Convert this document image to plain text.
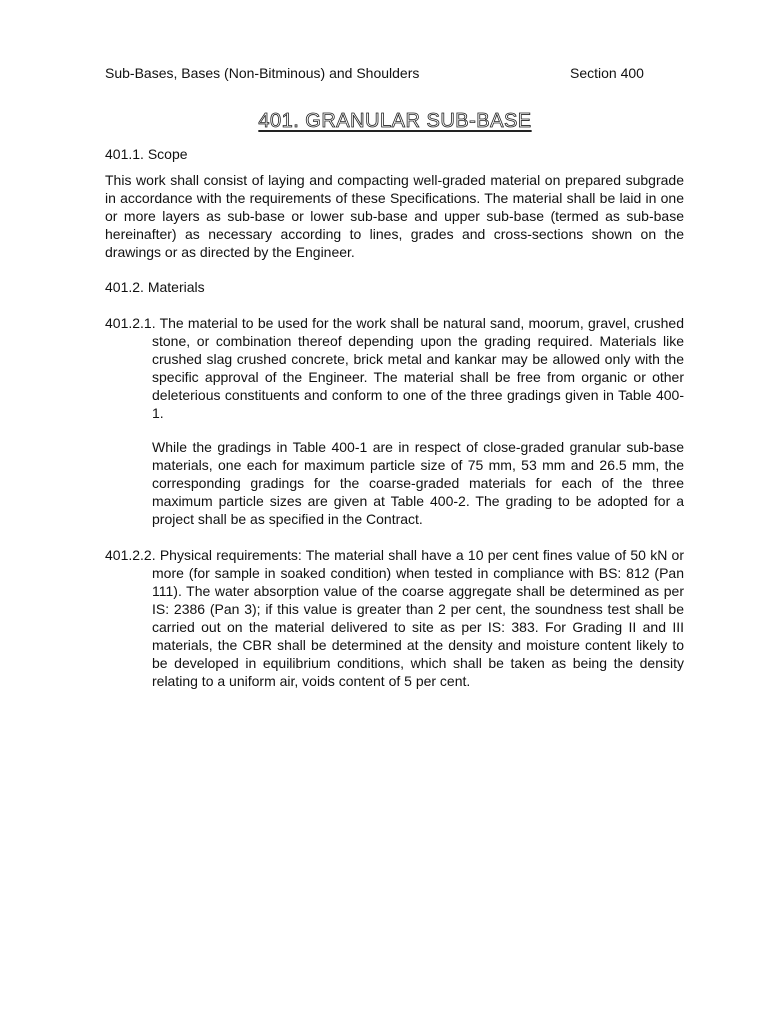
Sub-Bases, Bases (Non-Bitminous) and Shoulders	Section 400
401. GRANULAR SUB-BASE
401.1. Scope
This work shall consist of laying and compacting well-graded material on prepared subgrade in accordance with the requirements of these Specifications. The material shall be laid in one or more layers as sub-base or lower sub-base and upper sub-base (termed as sub-base hereinafter) as necessary according to lines, grades and cross-sections shown on the drawings or as directed by the Engineer.
401.2. Materials
401.2.1. The material to be used for the work shall be natural sand, moorum, gravel, crushed stone, or combination thereof depending upon the grading required. Materials like crushed slag crushed concrete, brick metal and kankar may be allowed only with the specific approval of the Engineer. The material shall be free from organic or other deleterious constituents and conform to one of the three gradings given in Table 400-1.
While the gradings in Table 400-1 are in respect of close-graded granular sub-base materials, one each for maximum particle size of 75 mm, 53 mm and 26.5 mm, the corresponding gradings for the coarse-graded materials for each of the three maximum particle sizes are given at Table 400-2. The grading to be adopted for a project shall be as specified in the Contract.
401.2.2. Physical requirements: The material shall have a 10 per cent fines value of 50 kN or more (for sample in soaked condition) when tested in compliance with BS: 812 (Pan 111). The water absorption value of the coarse aggregate shall be determined as per IS: 2386 (Pan 3); if this value is greater than 2 per cent, the soundness test shall be carried out on the material delivered to site as per IS: 383. For Grading II and III materials, the CBR shall be determined at the density and moisture content likely to be developed in equilibrium conditions, which shall be taken as being the density relating to a uniform air, voids content of 5 per cent.
